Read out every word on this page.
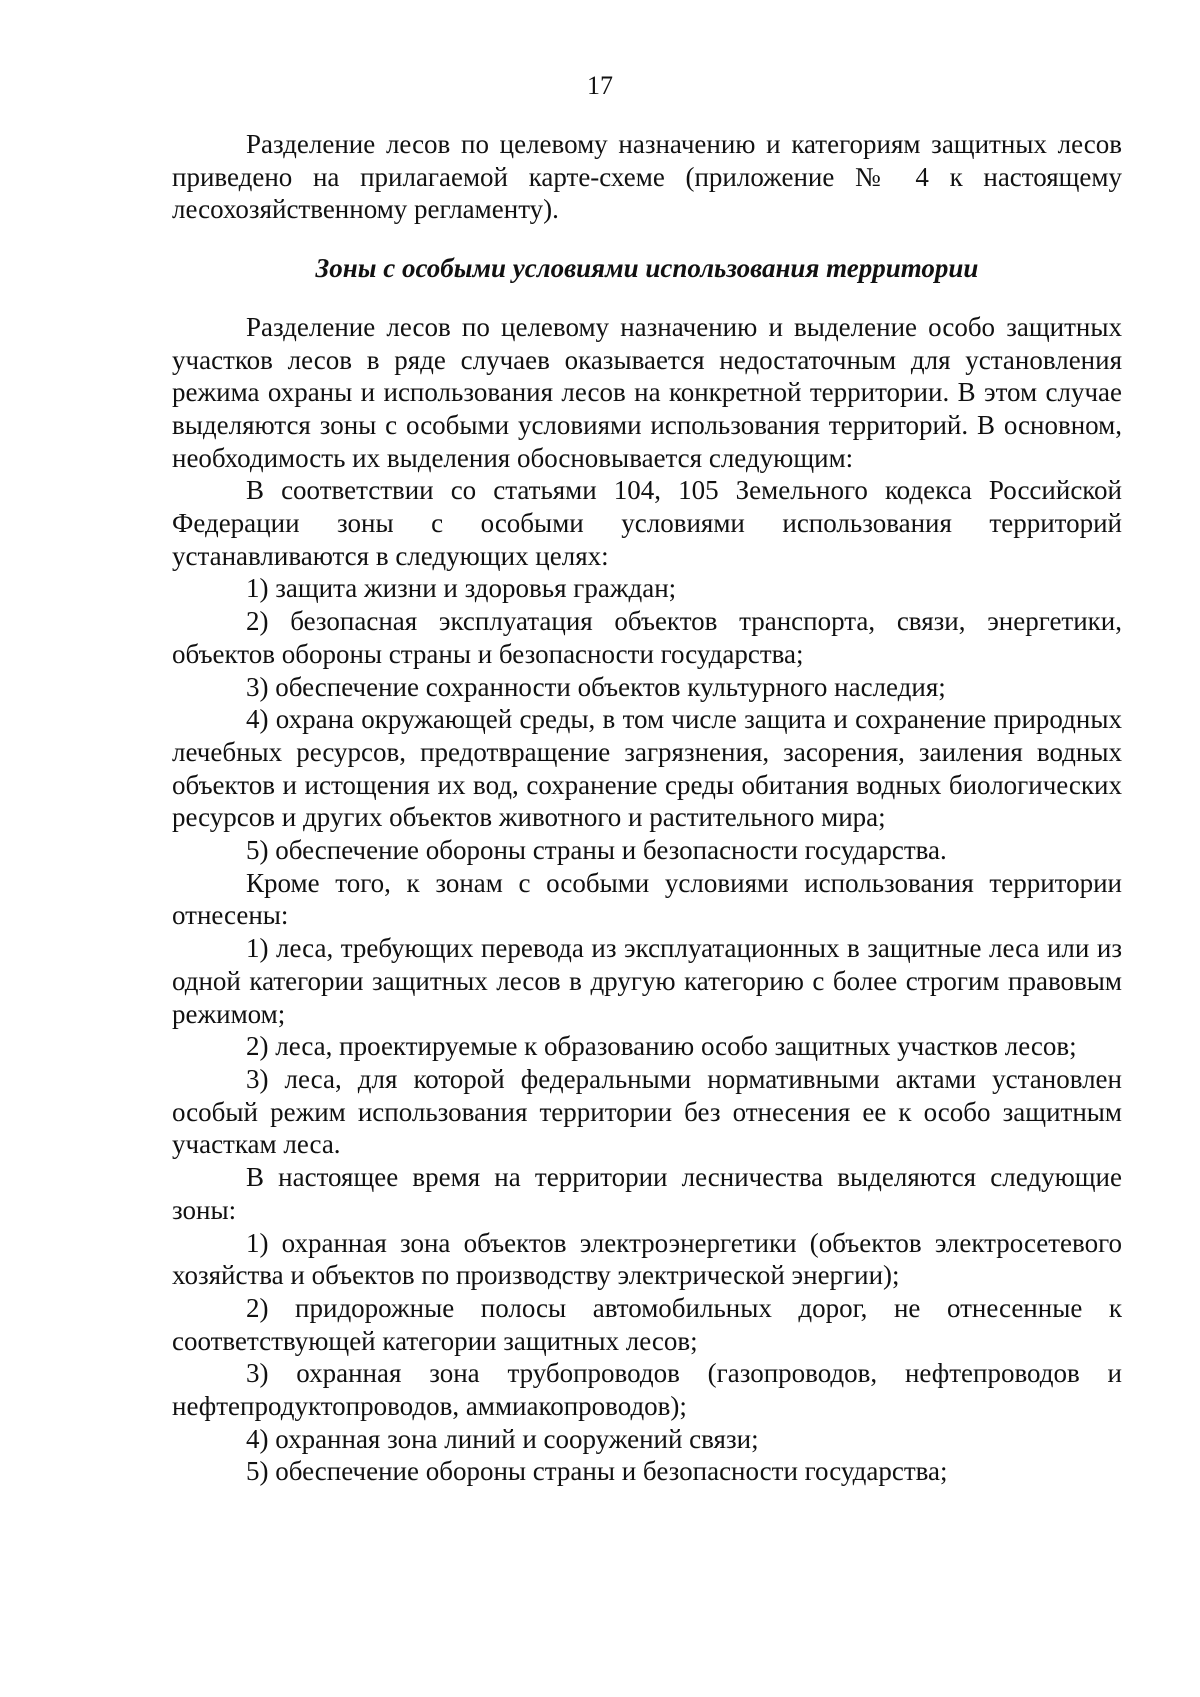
17

Разделение лесов по целевому назначению и категориям защитных лесов приведено на прилагаемой карте-схеме (приложение № 4 к настоящему лесохозяйственному регламенту).

Зоны с особыми условиями использования территории

Разделение лесов по целевому назначению и выделение особо защитных участков лесов в ряде случаев оказывается недостаточным для установления режима охраны и использования лесов на конкретной территории. В этом случае выделяются зоны с особыми условиями использования территорий. В основном, необходимость их выделения обосновывается следующим:

В соответствии со статьями 104, 105 Земельного кодекса Российской Федерации зоны с особыми условиями использования территорий устанавливаются в следующих целях:

1) защита жизни и здоровья граждан;

2) безопасная эксплуатация объектов транспорта, связи, энергетики, объектов обороны страны и безопасности государства;

3) обеспечение сохранности объектов культурного наследия;

4) охрана окружающей среды, в том числе защита и сохранение природных лечебных ресурсов, предотвращение загрязнения, засорения, заиления водных объектов и истощения их вод, сохранение среды обитания водных биологических ресурсов и других объектов животного и растительного мира;

5) обеспечение обороны страны и безопасности государства.

Кроме того, к зонам с особыми условиями использования территории отнесены:

1) леса, требующих перевода из эксплуатационных в защитные леса или из одной категории защитных лесов в другую категорию с более строгим правовым режимом;

2) леса, проектируемые к образованию особо защитных участков лесов;

3) леса, для которой федеральными нормативными актами установлен особый режим использования территории без отнесения ее к особо защитным участкам леса.

В настоящее время на территории лесничества выделяются следующие зоны:

1) охранная зона объектов электроэнергетики (объектов электросетевого хозяйства и объектов по производству электрической энергии);

2) придорожные полосы автомобильных дорог, не отнесенные к соответствующей категории защитных лесов;

3) охранная зона трубопроводов (газопроводов, нефтепроводов и нефтепродуктопроводов, аммиакопроводов);

4) охранная зона линий и сооружений связи;

5) обеспечение обороны страны и безопасности государства;
